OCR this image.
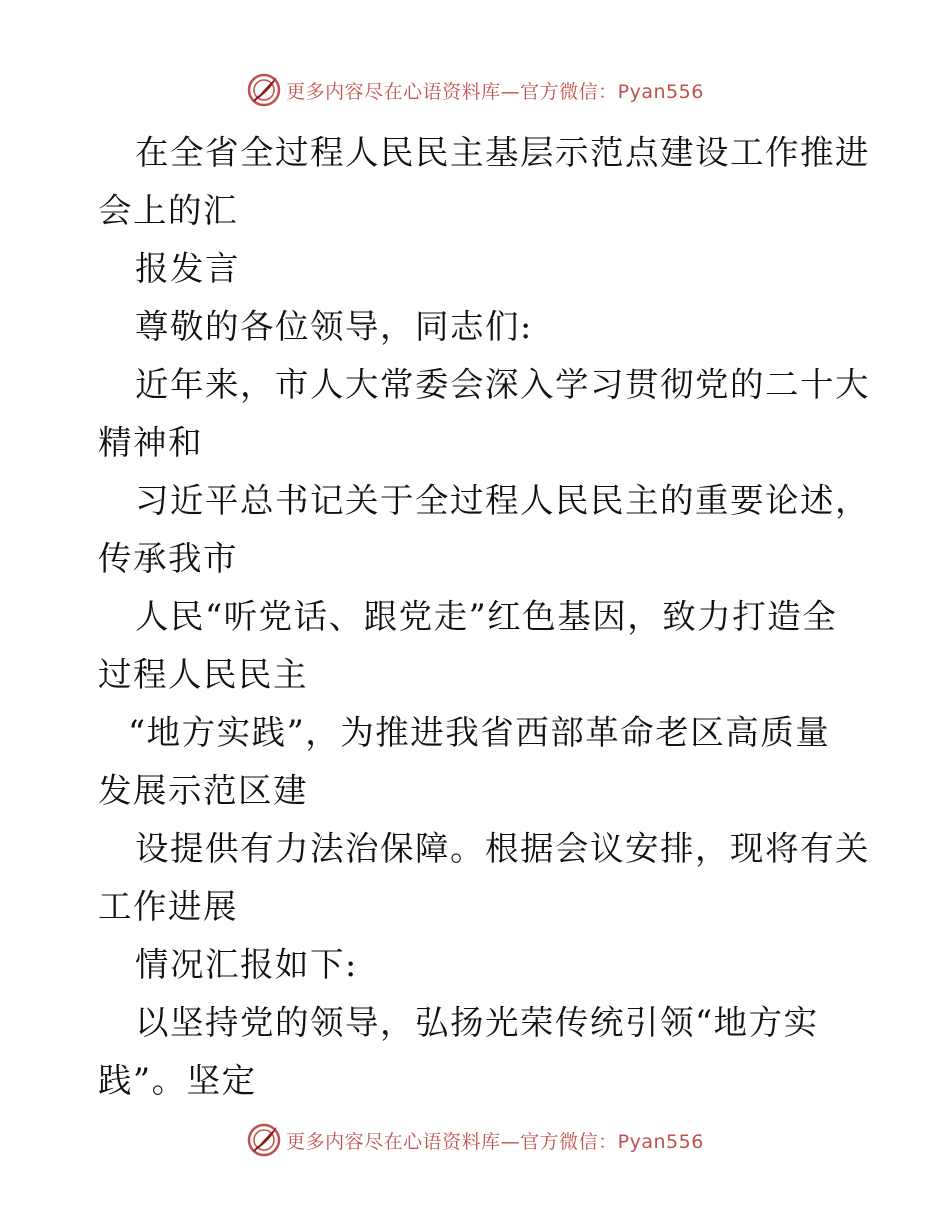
更多内容尽在心语资料库—官方微信：Pyan556
在全省全过程人民民主基层示范点建设工作推进
会上的汇
报发言
尊敬的各位领导，同志们:
近年来，市人大常委会深入学习贯彻党的二十大
精神和
习近平总书记关于全过程人民民主的重要论述，
传承我市
人民“听党话、跟党走”红色基因，致力打造全
过程人民民主
“地方实践”，为推进我省西部革命老区高质量
发展示范区建
设提供有力法治保障。根据会议安排，现将有关
工作进展
情况汇报如下:
以坚持党的领导，弘扬光荣传统引领“地方实
践”。坚定
更多内容尽在心语资料库—官方微信：Pyan556
